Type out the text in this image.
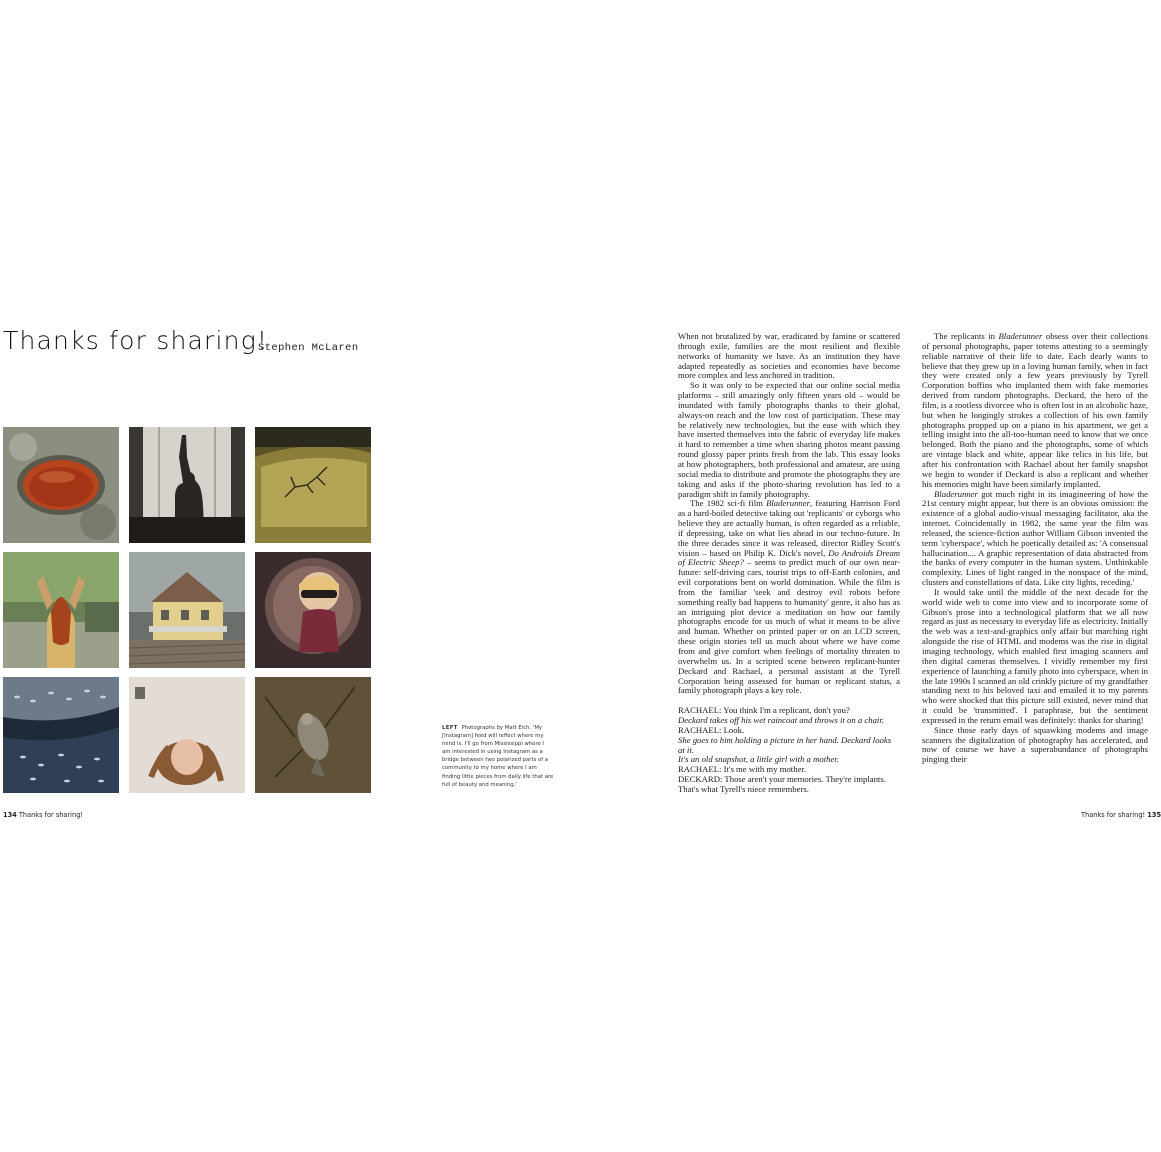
Thanks for sharing!
Stephen McLaren
LEFT Photographs by Matt Eich. 'My [Instagram] feed will reflect where my mind is. I'll go from Mississippi where I am interested in using Instagram as a bridge between two polarized parts of a community to my home where I am finding little pieces from daily life that are full of beauty and meaning.'
134 Thanks for sharing!	Thanks for sharing! 135

When not brutalized by war, eradicated by famine or scattered through exile, families are the most resilient and flexible networks of humanity we have. As an institution they have adapted repeatedly as societies and economies have become more complex and less anchored in tradition.

So it was only to be expected that our online social media platforms – still amazingly only fifteen years old – would be inundated with family photographs thanks to their global, always-on reach and the low cost of participation. These may be relatively new technologies, but the ease with which they have inserted themselves into the fabric of everyday life makes it hard to remember a time when sharing photos meant passing round glossy paper prints fresh from the lab. This essay looks at how photographers, both professional and amateur, are using social media to distribute and promote the photographs they are taking and asks if the photo-sharing revolution has led to a paradigm shift in family photography.

The 1982 sci-fi film Bladerunner, featuring Harrison Ford as a hard-boiled detective taking out 'replicants' or cyborgs who believe they are actually human, is often regarded as a reliable, if depressing, take on what lies ahead in our techno-future. In the three decades since it was released, director Ridley Scott's vision – based on Philip K. Dick's novel, Do Androids Dream of Electric Sheep? – seems to predict much of our own near-future: self-driving cars, tourist trips to off-Earth colonies, and evil corporations bent on world domination. While the film is from the familiar 'seek and destroy evil robots before something really bad happens to humanity' genre, it also has as an intriguing plot device a meditation on how our family photographs encode for us much of what it means to be alive and human. Whether on printed paper or on an LCD screen, these origin stories tell us much about where we have come from and give comfort when feelings of mortality threaten to overwhelm us. In a scripted scene between replicant-hunter Deckard and Rachael, a personal assistant at the Tyrell Corporation being assessed for human or replicant status, a family photograph plays a key role.

RACHAEL: You think I'm a replicant, don't you?

Deckard takes off his wet raincoat and throws it on a chair.

RACHAEL: Look.

She goes to him holding a picture in her hand. Deckard looks at it.

It's an old snapshot, a little girl with a mother.

RACHAEL: It's me with my mother.

DECKARD: Those aren't your memories. They're implants.

That's what Tyrell's niece remembers.

The replicants in Bladerunner obsess over their collections of personal photographs, paper totems attesting to a seemingly reliable narrative of their life to date. Each dearly wants to believe that they grew up in a loving human family, when in fact they were created only a few years previously by Tyrell Corporation boffins who implanted them with fake memories derived from random photographs. Deckard, the hero of the film, is a rootless divorcee who is often lost in an alcoholic haze, but when he longingly strokes a collection of his own family photographs propped up on a piano in his apartment, we get a telling insight into the all-too-human need to know that we once belonged. Both the piano and the photographs, some of which are vintage black and white, appear like relics in his life, but after his confrontation with Rachael about her family snapshot we begin to wonder if Deckard is also a replicant and whether his memories might have been similarly implanted.

Bladerunner got much right in its imagineering of how the 21st century might appear, but there is an obvious omission: the existence of a global audio-visual messaging facilitator, aka the internet. Coincidentally in 1982, the same year the film was released, the science-fiction author William Gibson invented the term 'cyberspace', which he poetically detailed as: 'A consensual hallucination.... A graphic representation of data abstracted from the banks of every computer in the human system. Unthinkable complexity. Lines of light ranged in the nonspace of the mind, clusters and constellations of data. Like city lights, receding.'

It would take until the middle of the next decade for the world wide web to come into view and to incorporate some of Gibson's prose into a technological platform that we all now regard as just as necessary to everyday life as electricity. Initially the web was a text-and-graphics only affair but marching right alongside the rise of HTML and modems was the rise in digital imaging technology, which enabled first imaging scanners and then digital cameras themselves. I vividly remember my first experience of launching a family photo into cyberspace, when in the late 1990s I scanned an old crinkly picture of my grandfather standing next to his beloved taxi and emailed it to my parents who were shocked that this picture still existed, never mind that it could be 'transmitted'. I paraphrase, but the sentiment expressed in the return email was definitely: thanks for sharing!

Since those early days of squawking modems and image scanners the digitalization of photography has accelerated, and now of course we have a superabundance of photographs pinging their
